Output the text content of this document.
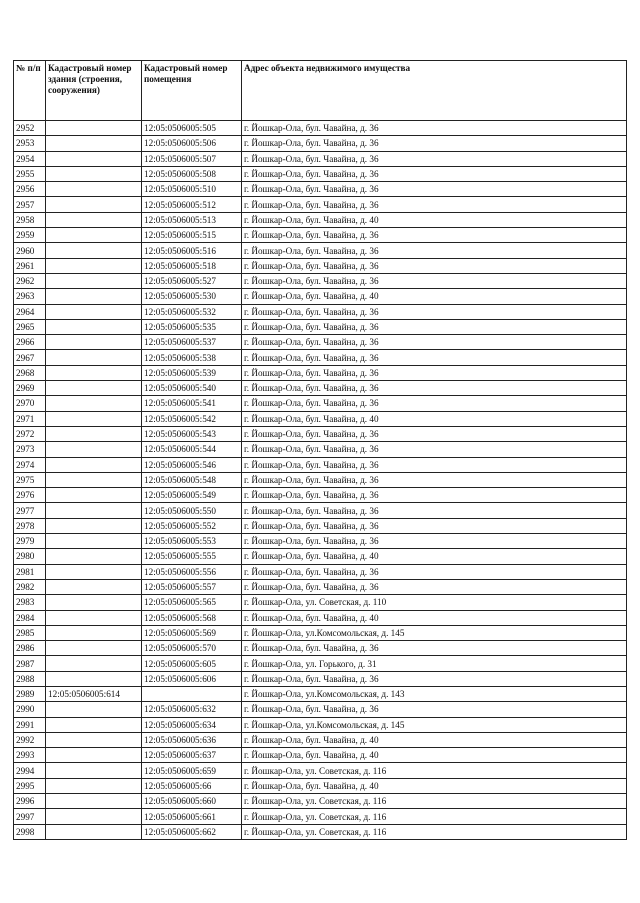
№ п/п	Кадастровый номер здания (строения, сооружения)	Кадастровый номер помещения	Адрес объекта недвижимого имущества
2952		12:05:0506005:505	г. Йошкар-Ола, бул. Чавайна, д. 36
2953		12:05:0506005:506	г. Йошкар-Ола, бул. Чавайна, д. 36
2954		12:05:0506005:507	г. Йошкар-Ола, бул. Чавайна, д. 36
2955		12:05:0506005:508	г. Йошкар-Ола, бул. Чавайна, д. 36
2956		12:05:0506005:510	г. Йошкар-Ола, бул. Чавайна, д. 36
2957		12:05:0506005:512	г. Йошкар-Ола, бул. Чавайна, д. 36
2958		12:05:0506005:513	г. Йошкар-Ола, бул. Чавайна, д. 40
2959		12:05:0506005:515	г. Йошкар-Ола, бул. Чавайна, д. 36
2960		12:05:0506005:516	г. Йошкар-Ола, бул. Чавайна, д. 36
2961		12:05:0506005:518	г. Йошкар-Ола, бул. Чавайна, д. 36
2962		12:05:0506005:527	г. Йошкар-Ола, бул. Чавайна, д. 36
2963		12:05:0506005:530	г. Йошкар-Ола, бул. Чавайна, д. 40
2964		12:05:0506005:532	г. Йошкар-Ола, бул. Чавайна, д. 36
2965		12:05:0506005:535	г. Йошкар-Ола, бул. Чавайна, д. 36
2966		12:05:0506005:537	г. Йошкар-Ола, бул. Чавайна, д. 36
2967		12:05:0506005:538	г. Йошкар-Ола, бул. Чавайна, д. 36
2968		12:05:0506005:539	г. Йошкар-Ола, бул. Чавайна, д. 36
2969		12:05:0506005:540	г. Йошкар-Ола, бул. Чавайна, д. 36
2970		12:05:0506005:541	г. Йошкар-Ола, бул. Чавайна, д. 36
2971		12:05:0506005:542	г. Йошкар-Ола, бул. Чавайна, д. 40
2972		12:05:0506005:543	г. Йошкар-Ола, бул. Чавайна, д. 36
2973		12:05:0506005:544	г. Йошкар-Ола, бул. Чавайна, д. 36
2974		12:05:0506005:546	г. Йошкар-Ола, бул. Чавайна, д. 36
2975		12:05:0506005:548	г. Йошкар-Ола, бул. Чавайна, д. 36
2976		12:05:0506005:549	г. Йошкар-Ола, бул. Чавайна, д. 36
2977		12:05:0506005:550	г. Йошкар-Ола, бул. Чавайна, д. 36
2978		12:05:0506005:552	г. Йошкар-Ола, бул. Чавайна, д. 36
2979		12:05:0506005:553	г. Йошкар-Ола, бул. Чавайна, д. 36
2980		12:05:0506005:555	г. Йошкар-Ола, бул. Чавайна, д. 40
2981		12:05:0506005:556	г. Йошкар-Ола, бул. Чавайна, д. 36
2982		12:05:0506005:557	г. Йошкар-Ола, бул. Чавайна, д. 36
2983		12:05:0506005:565	г. Йошкар-Ола, ул. Советская, д. 110
2984		12:05:0506005:568	г. Йошкар-Ола, бул. Чавайна, д. 40
2985		12:05:0506005:569	г. Йошкар-Ола, ул.Комсомольская, д. 145
2986		12:05:0506005:570	г. Йошкар-Ола, бул. Чавайна, д. 36
2987		12:05:0506005:605	г. Йошкар-Ола, ул. Горького, д. 31
2988		12:05:0506005:606	г. Йошкар-Ола, бул. Чавайна, д. 36
2989	12:05:0506005:614		г. Йошкар-Ола, ул.Комсомольская, д. 143
2990		12:05:0506005:632	г. Йошкар-Ола, бул. Чавайна, д. 36
2991		12:05:0506005:634	г. Йошкар-Ола, ул.Комсомольская, д. 145
2992		12:05:0506005:636	г. Йошкар-Ола, бул. Чавайна, д. 40
2993		12:05:0506005:637	г. Йошкар-Ола, бул. Чавайна, д. 40
2994		12:05:0506005:659	г. Йошкар-Ола, ул. Советская, д. 116
2995		12:05:0506005:66	г. Йошкар-Ола, бул. Чавайна, д. 40
2996		12:05:0506005:660	г. Йошкар-Ола, ул. Советская, д. 116
2997		12:05:0506005:661	г. Йошкар-Ола, ул. Советская, д. 116
2998		12:05:0506005:662	г. Йошкар-Ола, ул. Советская, д. 116
